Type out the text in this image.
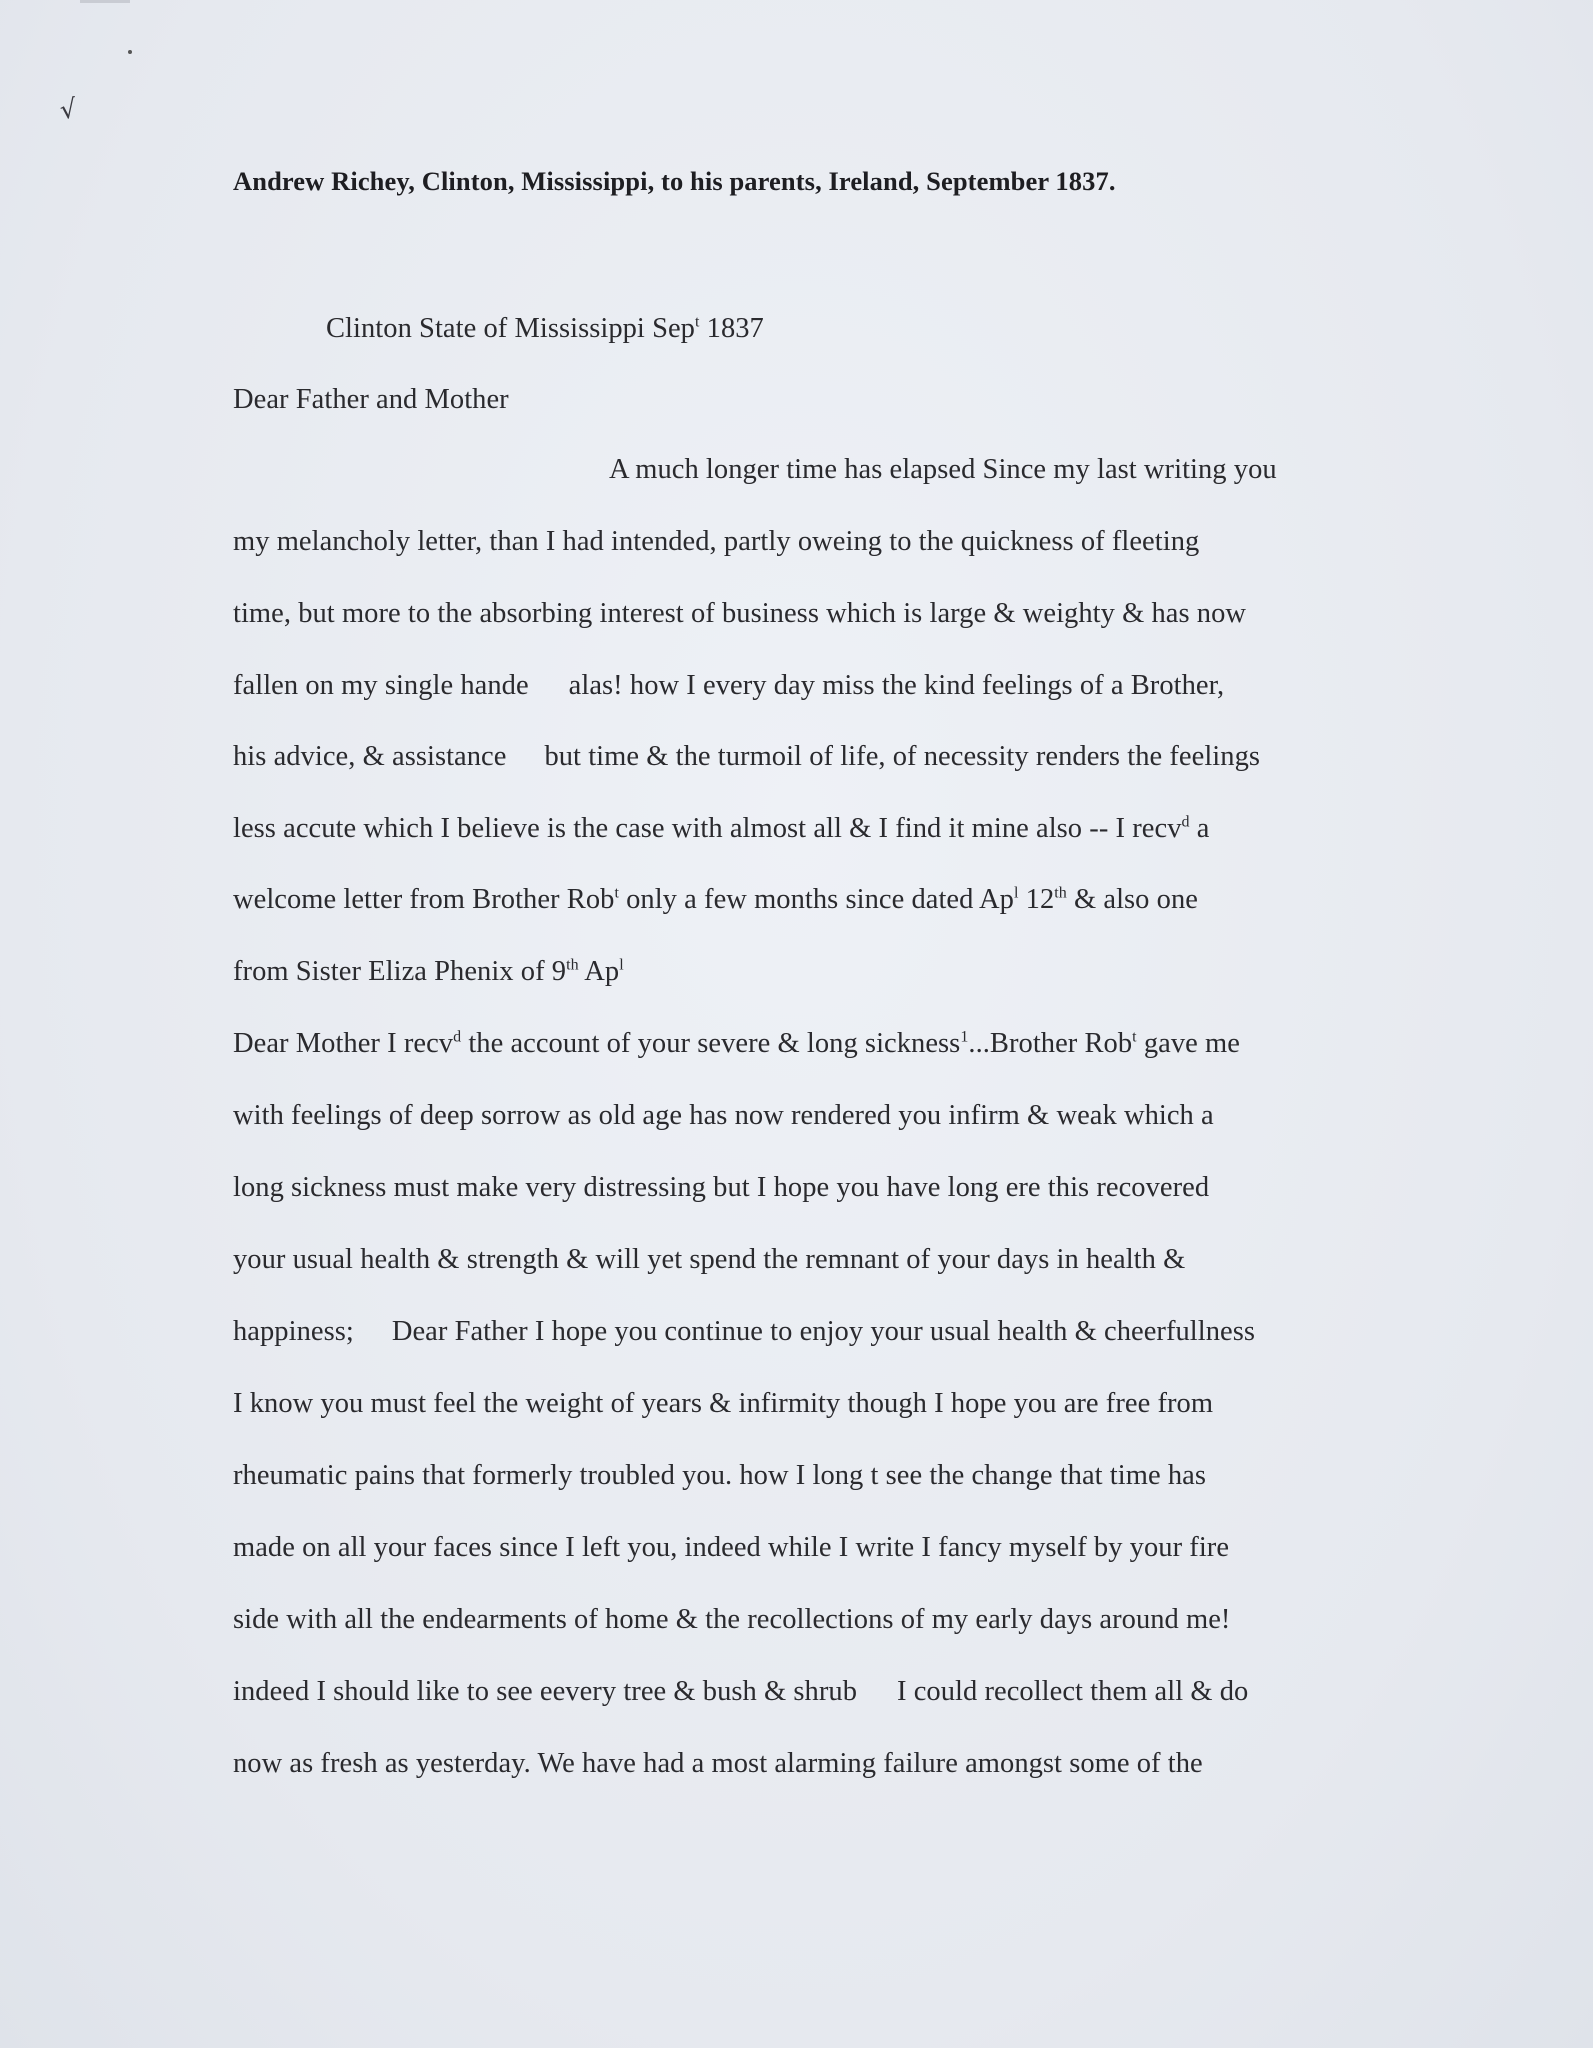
√
Andrew Richey, Clinton, Mississippi, to his parents, Ireland, September 1837.
Clinton State of Mississippi Sep$^t$ 1837
Dear Father and Mother
A much longer time has elapsed Since my last writing you
my melancholy letter, than I had intended, partly oweing to the quickness of fleeting
time, but more to the absorbing interest of business which is large & weighty & has now
fallen on my single hande alas! how I every day miss the kind feelings of a Brother,
his advice, & assistance but time & the turmoil of life, of necessity renders the feelings
less accute which I believe is the case with almost all & I find it mine also -- I recv$^d$ a
welcome letter from Brother Rob$^t$ only a few months since dated Ap$^l$ 12th & also one
from Sister Eliza Phenix of 9th Ap$^l$
Dear Mother I recv$^d$ the account of your severe & long sickness$^1$...Brother Rob$^t$ gave me
with feelings of deep sorrow as old age has now rendered you infirm & weak which a
long sickness must make very distressing but I hope you have long ere this recovered
your usual health & strength & will yet spend the remnant of your days in health &
happiness; Dear Father I hope you continue to enjoy your usual health & cheerfullness
I know you must feel the weight of years & infirmity though I hope you are free from
rheumatic pains that formerly troubled you. how I long t see the change that time has
made on all your faces since I left you, indeed while I write I fancy myself by your fire
side with all the endearments of home & the recollections of my early days around me!
indeed I should like to see eevery tree & bush & shrub I could recollect them all & do
now as fresh as yesterday. We have had a most alarming failure amongst some of the
